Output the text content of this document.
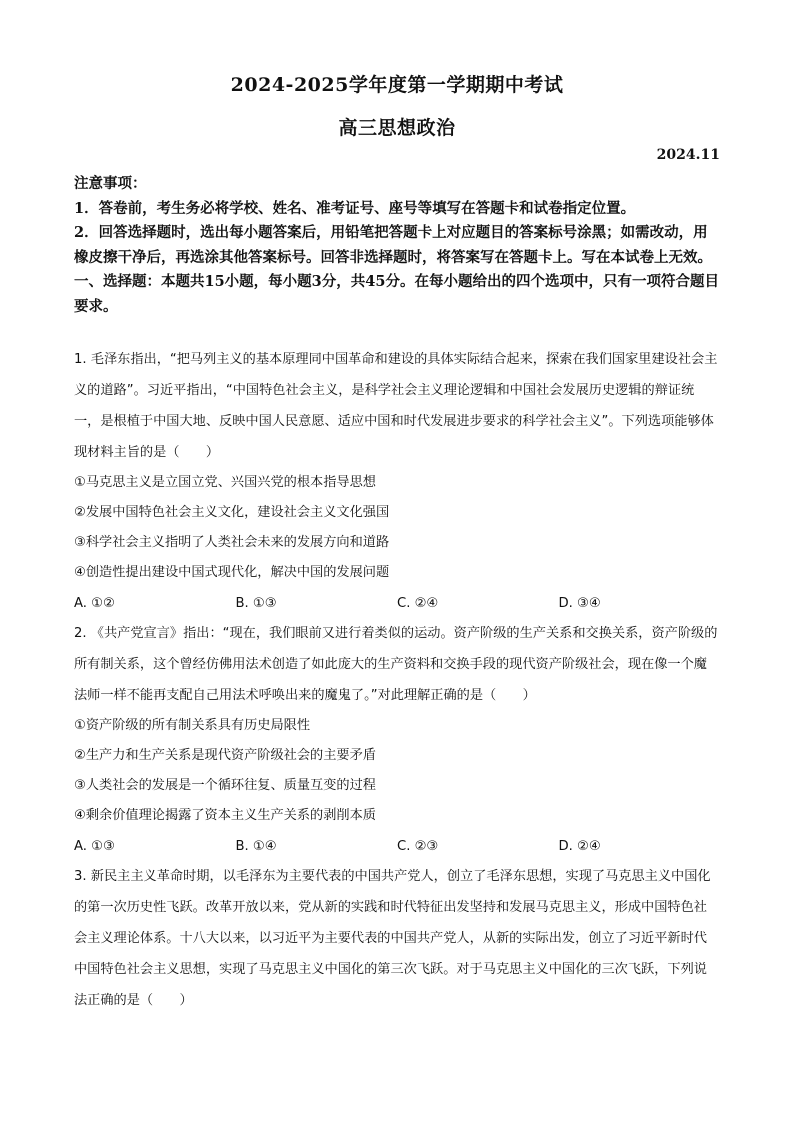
2024-2025学年度第一学期期中考试
高三思想政治
2024.11

注意事项：

1．答卷前，考生务必将学校、姓名、准考证号、座号等填写在答题卡和试卷指定位置。

2．回答选择题时，选出每小题答案后，用铅笔把答题卡上对应题目的答案标号涂黑；如需改动，用橡皮擦干净后，再选涂其他答案标号。回答非选择题时，将答案写在答题卡上。写在本试卷上无效。

一、选择题：本题共15小题，每小题3分，共45分。在每小题给出的四个选项中，只有一项符合题目要求。

1. 毛泽东指出，“把马列主义的基本原理同中国革命和建设的具体实际结合起来，探索在我们国家里建设社会主义的道路”。习近平指出，“中国特色社会主义，是科学社会主义理论逻辑和中国社会发展历史逻辑的辩证统一，是根植于中国大地、反映中国人民意愿、适应中国和时代发展进步要求的科学社会主义”。下列选项能够体现材料主旨的是（　　）

①马克思主义是立国立党、兴国兴党的根本指导思想

②发展中国特色社会主义文化，建设社会主义文化强国

③科学社会主义指明了人类社会未来的发展方向和道路

④创造性提出建设中国式现代化，解决中国的发展问题

A. ①②	B. ①③	C. ②④	D. ③④

2. 《共产党宣言》指出：“现在，我们眼前又进行着类似的运动。资产阶级的生产关系和交换关系，资产阶级的所有制关系，这个曾经仿佛用法术创造了如此庞大的生产资料和交换手段的现代资产阶级社会，现在像一个魔法师一样不能再支配自己用法术呼唤出来的魔鬼了。”对此理解正确的是（　　）

①资产阶级的所有制关系具有历史局限性

②生产力和生产关系是现代资产阶级社会的主要矛盾

③人类社会的发展是一个循环往复、质量互变的过程

④剩余价值理论揭露了资本主义生产关系的剥削本质

A. ①③	B. ①④	C. ②③	D. ②④

3. 新民主主义革命时期，以毛泽东为主要代表的中国共产党人，创立了毛泽东思想，实现了马克思主义中国化的第一次历史性飞跃。改革开放以来，党从新的实践和时代特征出发坚持和发展马克思主义，形成中国特色社会主义理论体系。十八大以来，以习近平为主要代表的中国共产党人，从新的实际出发，创立了习近平新时代中国特色社会主义思想，实现了马克思主义中国化的第三次飞跃。对于马克思主义中国化的三次飞跃，下列说法正确的是（　　）
